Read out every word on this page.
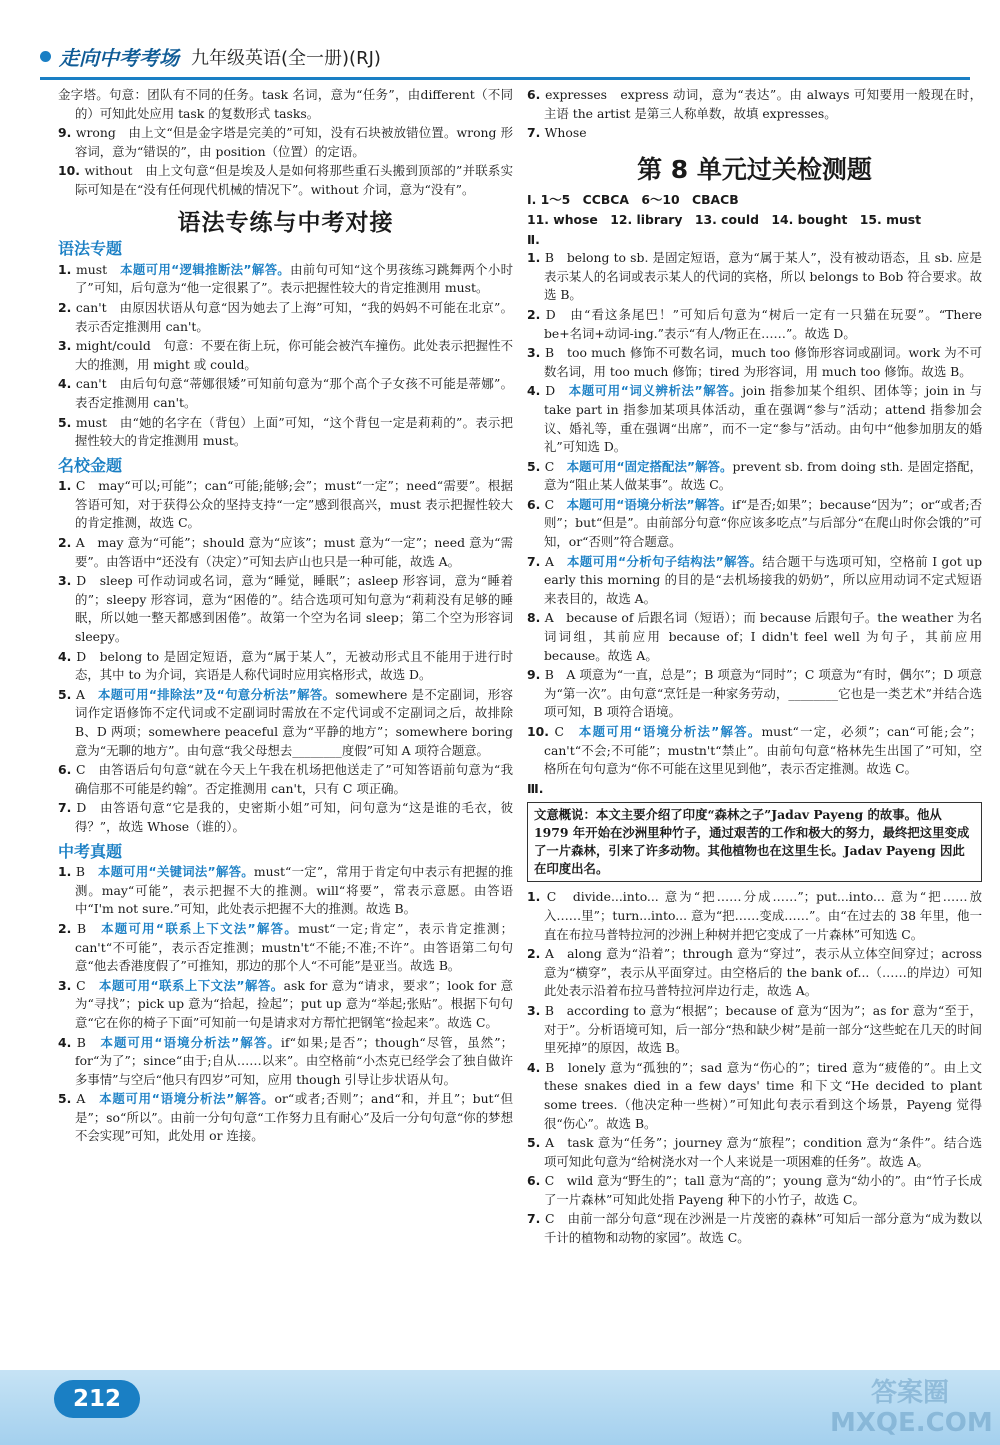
走向中考考场 九年级英语(全一册)(RJ)
金字塔。句意：团队有不同的任务。task 名词，意为“任务”，由different（不同的）可知此处应用 task 的复数形式 tasks。
9. wrong　由上文“但是金字塔是完美的”可知，没有石块被放错位置。wrong 形容词，意为“错误的”，由 position（位置）的定语。
10. without　由上文句意“但是埃及人是如何将那些重石头搬到顶部的”并联系实际可知是在“没有任何现代机械的情况下”。without 介词，意为“没有”。
语法专练与中考对接
语法专题
1. must　本题可用“逻辑推断法”解答。由前句可知“这个男孩练习跳舞两个小时了”可知，后句意为“他一定很累了”。表示把握性较大的肯定推测用 must。
2. can't　由原因状语从句意“因为她去了上海”可知，“我的妈妈不可能在北京”。表示否定推测用 can't。
3. might/could　句意：不要在街上玩，你可能会被汽车撞伤。此处表示把握性不大的推测，用 might 或 could。
4. can't　由后句句意“蒂娜很矮”可知前句意为“那个高个子女孩不可能是蒂娜”。表否定推测用 can't。
5. must　由“她的名字在（背包）上面”可知，“这个背包一定是莉莉的”。表示把握性较大的肯定推测用 must。
名校金题
1. C　may“可以;可能”；can“可能;能够;会”；must“一定”；need“需要”。根据答语可知，对于获得公众的坚持支持“一定”感到很高兴，must 表示把握性较大的肯定推测，故选 C。
2. A　may 意为“可能”；should 意为“应该”；must 意为“一定”；need 意为“需要”。由答语中“还没有（决定）”可知去庐山也只是一种可能，故选 A。
3. D　sleep 可作动词或名词，意为“睡觉，睡眠”；asleep 形容词，意为“睡着的”；sleepy 形容词，意为“困倦的”。结合选项可知句意为“莉莉没有足够的睡眠，所以她一整天都感到困倦”。故第一个空为名词 sleep；第二个空为形容词 sleepy。
4. D　belong to 是固定短语，意为“属于某人”，无被动形式且不能用于进行时态，其中 to 为介词，宾语是人称代词时应用宾格形式，故选 D。
5. A　本题可用“排除法”及“句意分析法”解答。somewhere 是不定副词，形容词作定语修饰不定代词或不定副词时需放在不定代词或不定副词之后，故排除 B、D 两项；somewhere peaceful 意为“平静的地方”；somewhere boring 意为“无聊的地方”。由句意“我父母想去________度假”可知 A 项符合题意。
6. C　由答语后句句意“就在今天上午我在机场把他送走了”可知答语前句意为“我确信那不可能是约翰”。否定推测用 can't，只有 C 项正确。
7. D　由答语句意“它是我的，史密斯小姐”可知，问句意为“这是谁的毛衣，彼得？”，故选 Whose（谁的）。
中考真题
1. B　本题可用“关键词法”解答。must“一定”，常用于肯定句中表示有把握的推测。may“可能”，表示把握不大的推测。will“将要”，常表示意愿。由答语中“I'm not sure.”可知，此处表示把握不大的推测。故选 B。
2. B　本题可用“联系上下文法”解答。must“一定;肯定”，表示肯定推测；can't“不可能”，表示否定推测；mustn't“不能;不准;不许”。由答语第二句句意“他去香港度假了”可推知，那边的那个人“不可能”是亚当。故选 B。
3. C　本题可用“联系上下文法”解答。ask for 意为“请求，要求”；look for 意为“寻找”；pick up 意为“拾起，捡起”；put up 意为“举起;张贴”。根据下句句意“它在你的椅子下面”可知前一句是请求对方帮忙把钢笔“捡起来”。故选 C。
4. B　本题可用“语境分析法”解答。if“如果;是否”；though“尽管，虽然”；for“为了”；since“由于;自从……以来”。由空格前“小杰克已经学会了独自做许多事情”与空后“他只有四岁”可知，应用 though 引导让步状语从句。
5. A　本题可用“语境分析法”解答。or“或者;否则”；and“和，并且”；but“但是”；so“所以”。由前一分句句意“工作努力且有耐心”及后一分句句意“你的梦想不会实现”可知，此处用 or 连接。
6. expresses　express 动词，意为“表达”。由 always 可知要用一般现在时，主语 the artist 是第三人称单数，故填 expresses。
7. Whose
第 8 单元过关检测题
Ⅰ. 1～5　CCBCA　6～10　CBACB
11. whose　12. library　13. could　14. bought　15. must
Ⅱ.
1. B　belong to sb. 是固定短语，意为“属于某人”，没有被动语态，且 sb. 应是表示某人的名词或表示某人的代词的宾格，所以 belongs to Bob 符合要求。故选 B。
2. D　由“看这条尾巴！”可知后句意为“树后一定有一只猫在玩耍”。“There be+名词+动词-ing.”表示“有人/物正在……”。故选 D。
3. B　too much 修饰不可数名词，much too 修饰形容词或副词。work 为不可数名词，用 too much 修饰；tired 为形容词，用 much too 修饰。故选 B。
4. D　本题可用“词义辨析法”解答。join 指参加某个组织、团体等；join in 与 take part in 指参加某项具体活动，重在强调“参与”活动；attend 指参加会议、婚礼等，重在强调“出席”，而不一定“参与”活动。由句中“他参加朋友的婚礼”可知选 D。
5. C　本题可用“固定搭配法”解答。prevent sb. from doing sth. 是固定搭配，意为“阻止某人做某事”。故选 C。
6. C　本题可用“语境分析法”解答。if“是否;如果”；because“因为”；or“或者;否则”；but“但是”。由前部分句意“你应该多吃点”与后部分“在爬山时你会饿的”可知，or“否则”符合题意。
7. A　本题可用“分析句子结构法”解答。结合题干与选项可知，空格前 I got up early this morning 的目的是“去机场接我的奶奶”，所以应用动词不定式短语来表目的，故选 A。
8. A　because of 后跟名词（短语）；而 because 后跟句子。the weather 为名词词组，其前应用 because of；I didn't feel well 为句子，其前应用 because。故选 A。
9. B　A 项意为“一直，总是”；B 项意为“同时”；C 项意为“有时，偶尔”；D 项意为“第一次”。由句意“烹饪是一种家务劳动，________它也是一类艺术”并结合选项可知，B 项符合语境。
10. C　本题可用“语境分析法”解答。must“一定，必须”；can“可能;会”；can't“不会;不可能”；mustn't“禁止”。由前句句意“格林先生出国了”可知，空格所在句句意为“你不可能在这里见到他”，表示否定推测。故选 C。
Ⅲ.
文意概说：本文主要介绍了印度“森林之子”Jadav Payeng 的故事。他从 1979 年开始在沙洲里种竹子，通过艰苦的工作和极大的努力，最终把这里变成了一片森林，引来了许多动物。其他植物也在这里生长。Jadav Payeng 因此在印度出名。
1. C　divide...into... 意为“把……分成……”；put...into... 意为“把……放入……里”；turn...into... 意为“把……变成……”。由“在过去的 38 年里，他一直在布拉马普特拉河的沙洲上种树并把它变成了一片森林”可知选 C。
2. A　along 意为“沿着”；through 意为“穿过”，表示从立体空间穿过；across 意为“横穿”，表示从平面穿过。由空格后的 the bank of...（……的岸边）可知此处表示沿着布拉马普特拉河岸边行走，故选 A。
3. B　according to 意为“根据”；because of 意为“因为”；as for 意为“至于，对于”。分析语境可知，后一部分“热和缺少树”是前一部分“这些蛇在几天的时间里死掉”的原因，故选 B。
4. B　lonely 意为“孤独的”；sad 意为“伤心的”；tired 意为“疲倦的”。由上文 these snakes died in a few days' time 和下文“He decided to plant some trees.（他决定种一些树）”可知此句表示看到这个场景，Payeng 觉得很“伤心”。故选 B。
5. A　task 意为“任务”；journey 意为“旅程”；condition 意为“条件”。结合选项可知此句意为“给树浇水对一个人来说是一项困难的任务”。故选 A。
6. C　wild 意为“野生的”；tall 意为“高的”；young 意为“幼小的”。由“竹子长成了一片森林”可知此处指 Payeng 种下的小竹子，故选 C。
7. C　由前一部分句意“现在沙洲是一片茂密的森林”可知后一部分意为“成为数以千计的植物和动物的家园”。故选 C。
212	答案圈 MXQE.COM
